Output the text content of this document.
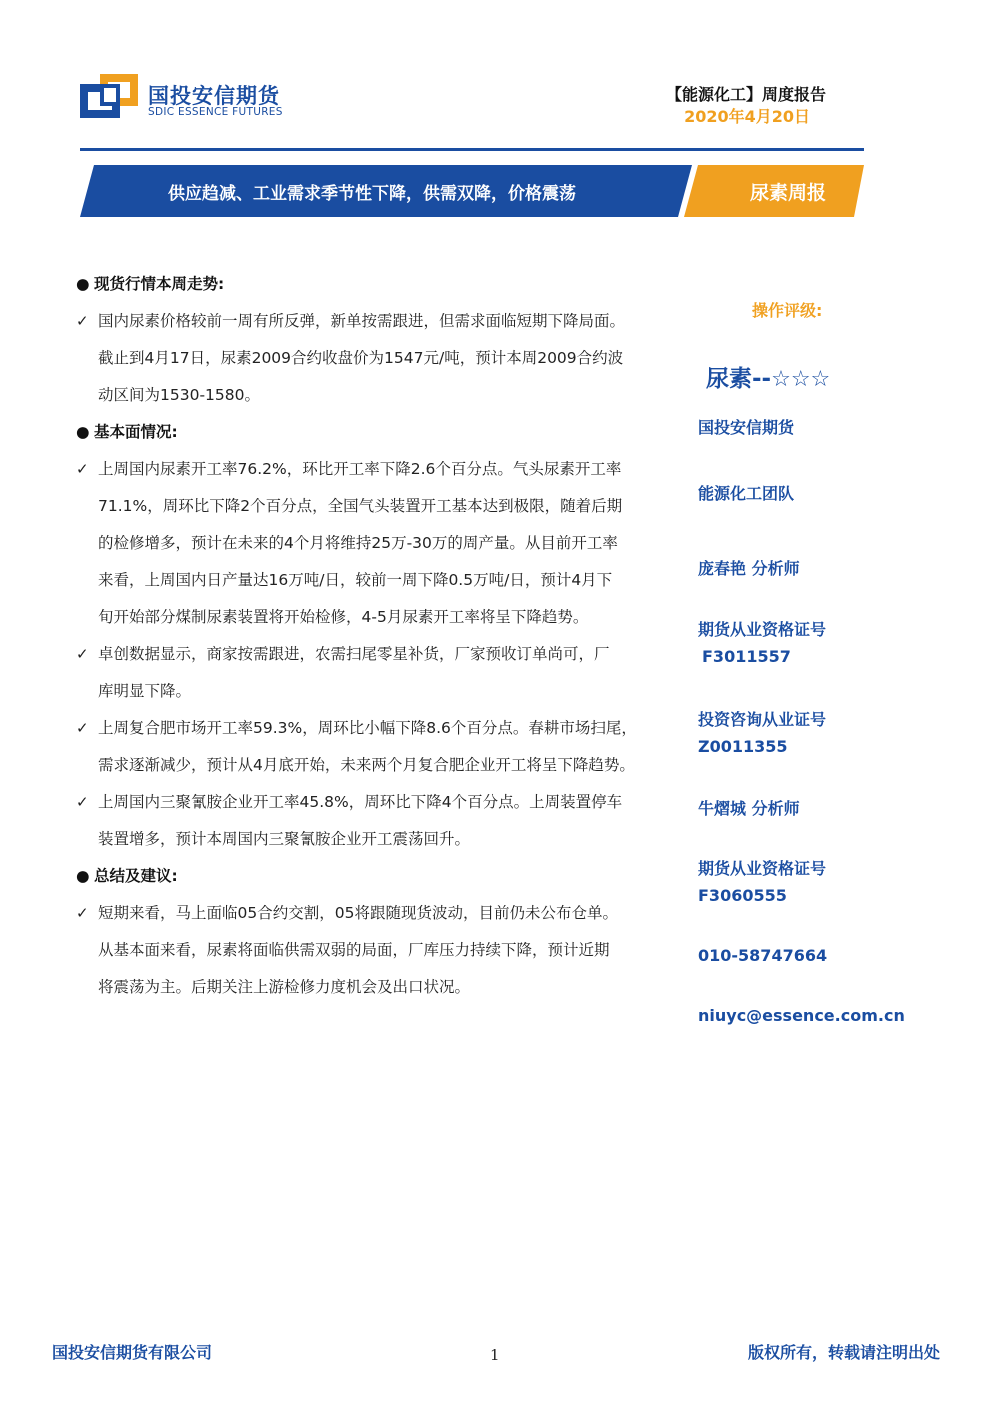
国投安信期货
SDIC ESSENCE FUTURES
【能源化工】周度报告
2020年4月20日
供应趋减、工业需求季节性下降，供需双降，价格震荡	尿素周报
● 现货行情本周走势:
✓ 国内尿素价格较前一周有所反弹，新单按需跟进，但需求面临短期下降局面。
截止到4月17日，尿素2009合约收盘价为1547元/吨，预计本周2009合约波
动区间为1530-1580。
● 基本面情况:
✓ 上周国内尿素开工率76.2%，环比开工率下降2.6个百分点。气头尿素开工率
71.1%，周环比下降2个百分点，全国气头装置开工基本达到极限，随着后期
的检修增多，预计在未来的4个月将维持25万-30万的周产量。从目前开工率
来看，上周国内日产量达16万吨/日，较前一周下降0.5万吨/日，预计4月下
旬开始部分煤制尿素装置将开始检修，4-5月尿素开工率将呈下降趋势。
✓ 卓创数据显示，商家按需跟进，农需扫尾零星补货，厂家预收订单尚可，厂
库明显下降。
✓ 上周复合肥市场开工率59.3%，周环比小幅下降8.6个百分点。春耕市场扫尾，
需求逐渐减少，预计从4月底开始，未来两个月复合肥企业开工将呈下降趋势。
✓ 上周国内三聚氰胺企业开工率45.8%，周环比下降4个百分点。上周装置停车
装置增多，预计本周国内三聚氰胺企业开工震荡回升。
● 总结及建议:
✓ 短期来看，马上面临05合约交割，05将跟随现货波动，目前仍未公布仓单。
从基本面来看，尿素将面临供需双弱的局面，厂库压力持续下降，预计近期
将震荡为主。后期关注上游检修力度机会及出口状况。
操作评级:
尿素--☆☆☆
国投安信期货
能源化工团队
庞春艳 分析师
期货从业资格证号
F3011557
投资咨询从业证号
Z0011355
牛熠城 分析师
期货从业资格证号
F3060555
010-58747664
niuyc@essence.com.cn
国投安信期货有限公司	1	版权所有，转载请注明出处
